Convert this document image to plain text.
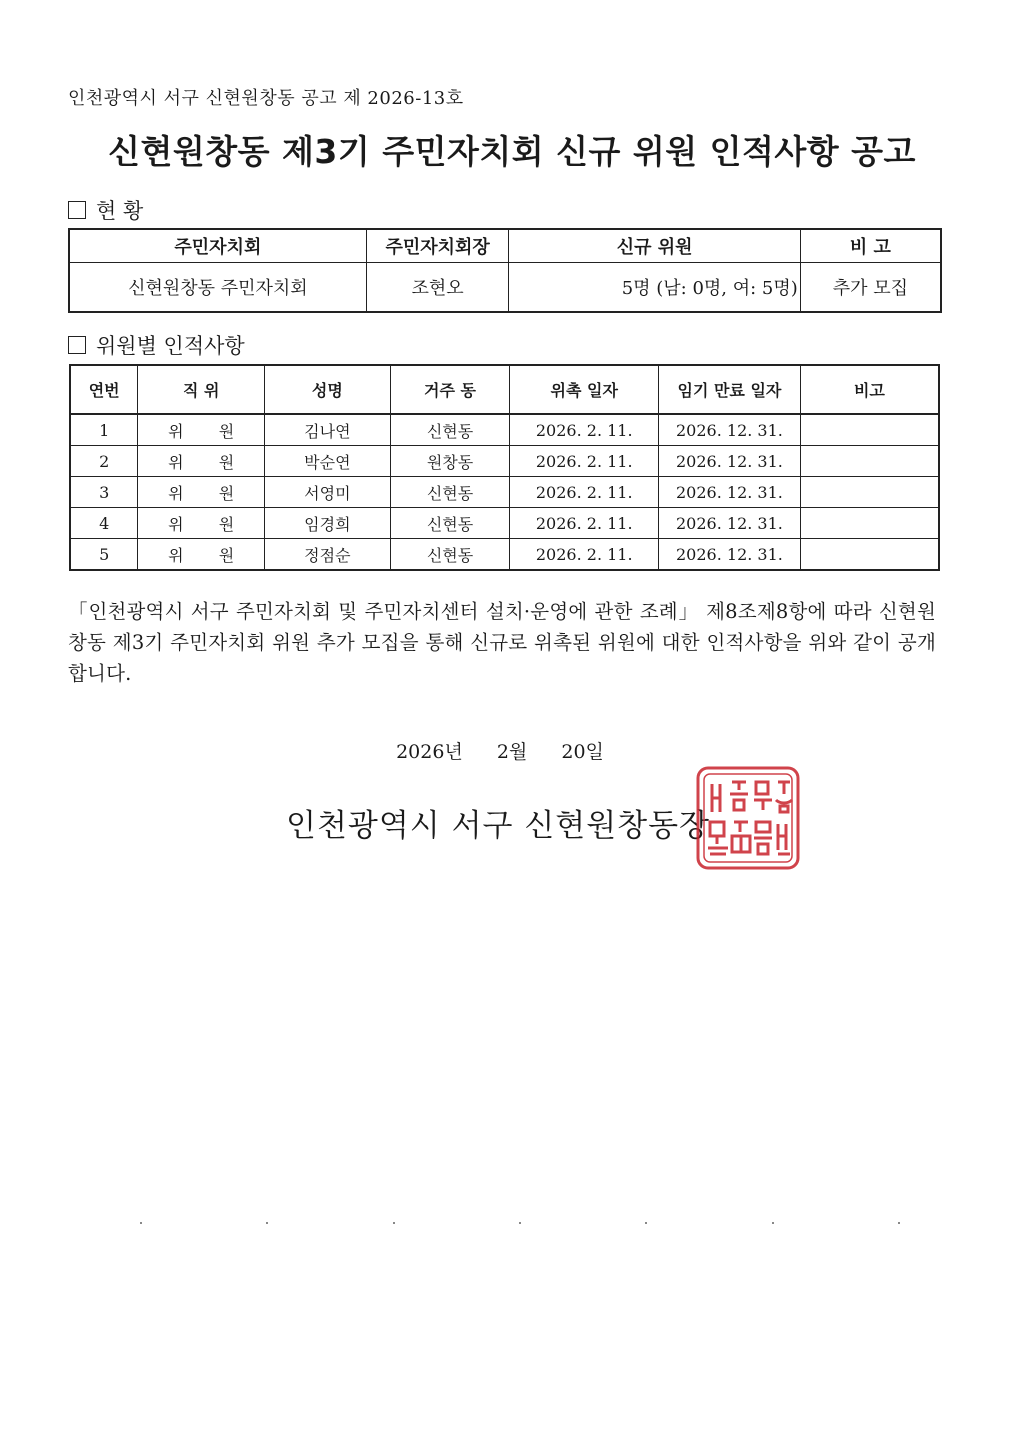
인천광역시 서구 신현원창동 공고 제 2026-13호
신현원창동 제3기 주민자치회 신규 위원 인적사항 공고
현 황
주민자치회	주민자치회장	신규 위원	비 고
신현원창동 주민자치회	조현오	5명 (남: 0명, 여: 5명)	추가 모집
위원별 인적사항
연번	직 위	성명	거주 동	위촉 일자	임기 만료 일자	비고
1	위 원	김나연	신현동	2026. 2. 11.	2026. 12. 31.	
2	위 원	박순연	원창동	2026. 2. 11.	2026. 12. 31.	
3	위 원	서영미	신현동	2026. 2. 11.	2026. 12. 31.	
4	위 원	임경희	신현동	2026. 2. 11.	2026. 12. 31.	
5	위 원	정점순	신현동	2026. 2. 11.	2026. 12. 31.	
「인천광역시 서구 주민자치회 및 주민자치센터 설치·운영에 관한 조례」 제8조제8항에 따라 신현원창동 제3기 주민자치회 위원 추가 모집을 통해 신규로 위촉된 위원에 대한 인적사항을 위와 같이 공개합니다.
2026년 2월 20일
인천광역시 서구 신현원창동장
